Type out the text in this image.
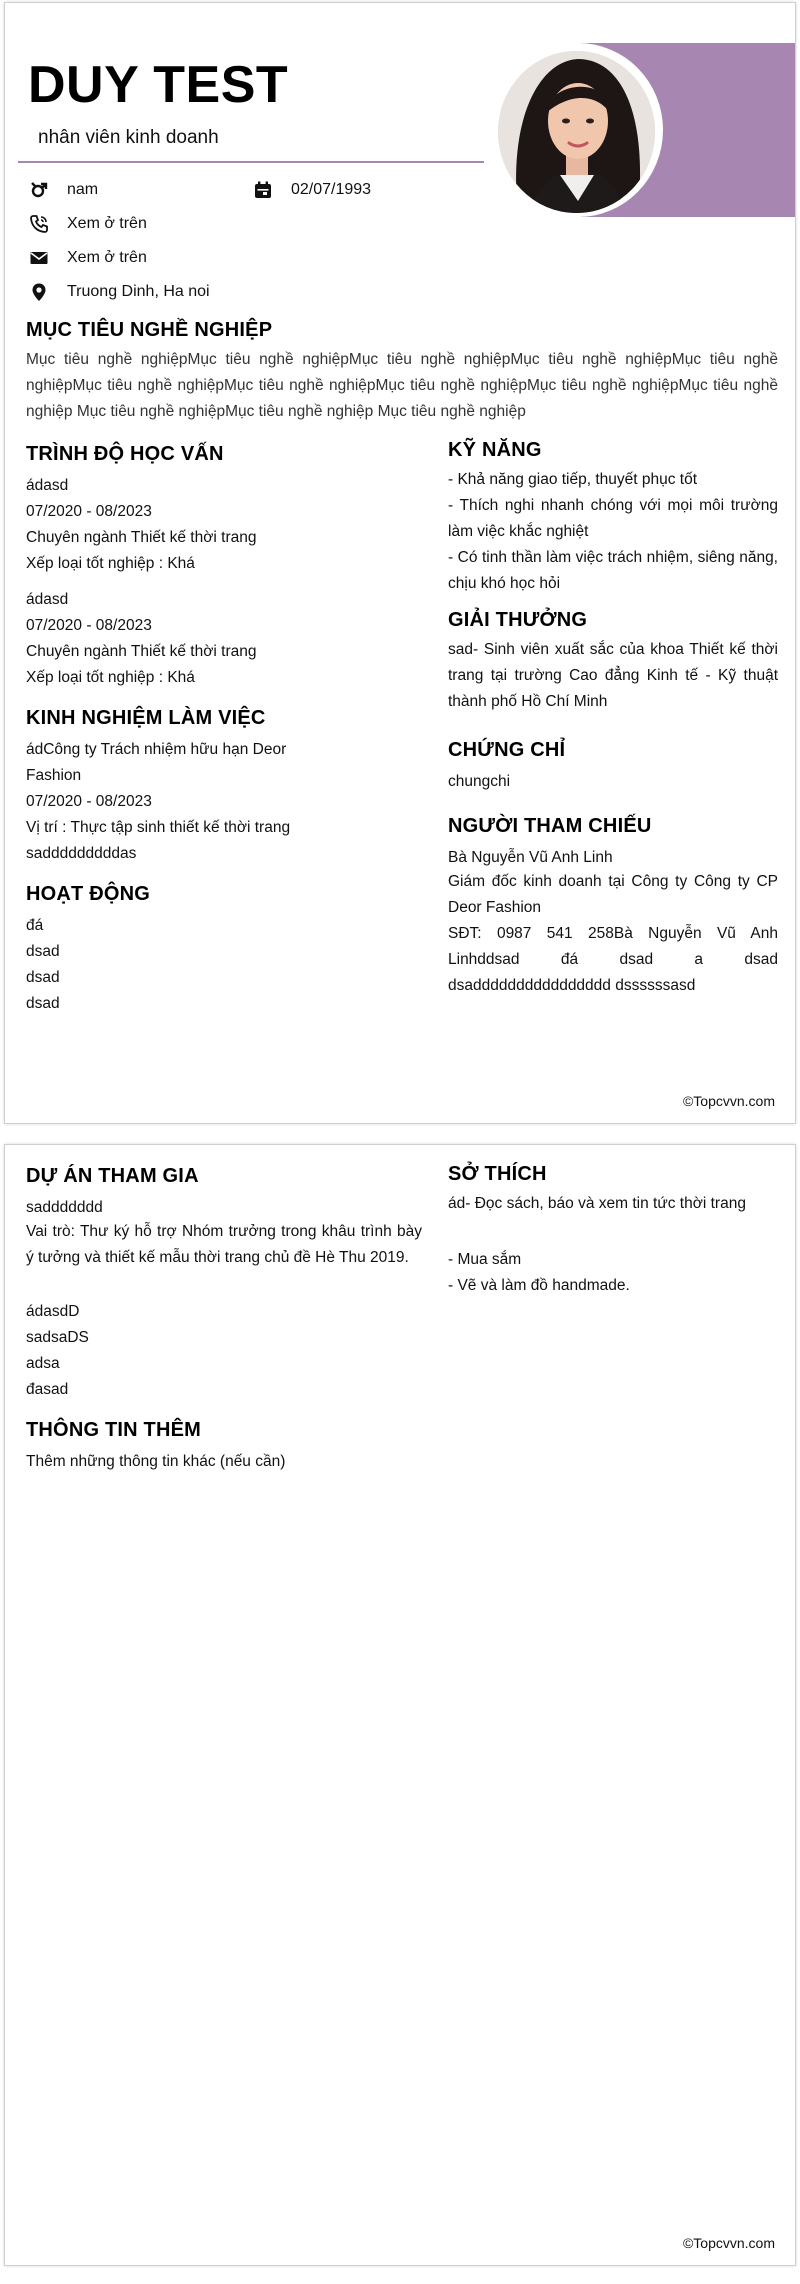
DUY TEST
nhân viên kinh doanh
nam	02/07/1993
Xem ở trên
Xem ở trên
Truong Dinh, Ha noi
MỤC TIÊU NGHỀ NGHIỆP
Mục tiêu nghề nghiệpMục tiêu nghề nghiệpMục tiêu nghề nghiệpMục tiêu nghề nghiệpMục tiêu nghề nghiệpMục tiêu nghề nghiệpMục tiêu nghề nghiệpMục tiêu nghề nghiệpMục tiêu nghề nghiệpMục tiêu nghề nghiệp Mục tiêu nghề nghiệpMục tiêu nghề nghiệp Mục tiêu nghề nghiệp
TRÌNH ĐỘ HỌC VẤN
ádasd
07/2020 - 08/2023
Chuyên ngành Thiết kế thời trang
Xếp loại tốt nghiệp : Khá
ádasd
07/2020 - 08/2023
Chuyên ngành Thiết kế thời trang
Xếp loại tốt nghiệp : Khá
KINH NGHIỆM LÀM VIỆC
ádCông ty Trách nhiệm hữu hạn Deor
Fashion
07/2020 - 08/2023
Vị trí : Thực tập sinh thiết kế thời trang
sadddddddddas
HOẠT ĐỘNG
đá
dsad
dsad
dsad
KỸ NĂNG
- Khả năng giao tiếp, thuyết phục tốt
- Thích nghi nhanh chóng với mọi môi trường làm việc khắc nghiệt
- Có tinh thần làm việc trách nhiệm, siêng năng, chịu khó học hỏi
GIẢI THƯỞNG
sad- Sinh viên xuất sắc của khoa Thiết kế thời trang tại trường Cao đẳng Kinh tế - Kỹ thuật thành phố Hồ Chí Minh
CHỨNG CHỈ
chungchi
NGƯỜI THAM CHIẾU
Bà Nguyễn Vũ Anh Linh
Giám đốc kinh doanh tại Công ty Công ty CP Deor Fashion
SĐT: 0987 541 258Bà Nguyễn Vũ Anh Linhddsad đá dsad a dsad dsadddddddddddddddd dssssssasd
©Topcvvn.com
DỰ ÁN THAM GIA
saddddddd
Vai trò: Thư ký hỗ trợ Nhóm trưởng trong khâu trình bày ý tưởng và thiết kế mẫu thời trang chủ đề Hè Thu 2019.
ádasdD
sadsaDS
adsa
đasad
THÔNG TIN THÊM
Thêm những thông tin khác (nếu cần)
SỞ THÍCH
ád- Đọc sách, báo và xem tin tức thời trang
- Mua sắm
- Vẽ và làm đồ handmade.
©Topcvvn.com
